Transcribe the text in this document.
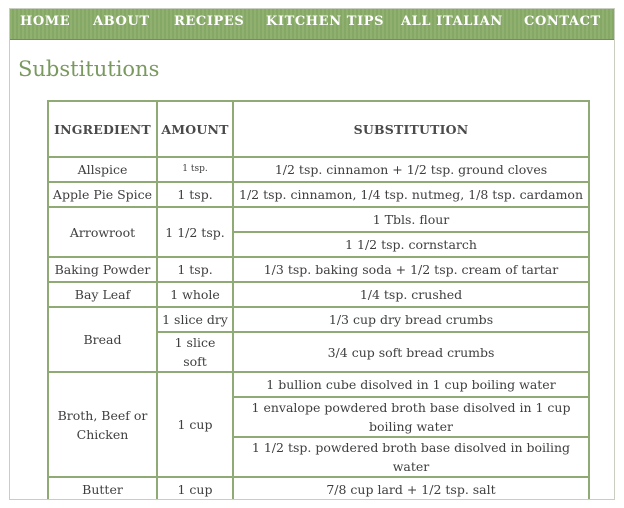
HOME ABOUT RECIPES KITCHEN TIPS ALL ITALIAN CONTACT
Substitutions
INGREDIENT	AMOUNT	SUBSTITUTION
Allspice	1 tsp.	1/2 tsp. cinnamon + 1/2 tsp. ground cloves
Apple Pie Spice	1 tsp.	1/2 tsp. cinnamon, 1/4 tsp. nutmeg, 1/8 tsp. cardamon
Arrowroot	1 1/2 tsp.	1 Tbls. flour
		1 1/2 tsp. cornstarch
Baking Powder	1 tsp.	1/3 tsp. baking soda + 1/2 tsp. cream of tartar
Bay Leaf	1 whole	1/4 tsp. crushed
Bread	1 slice dry	1/3 cup dry bread crumbs
	1 slice soft	3/4 cup soft bread crumbs
Broth, Beef or Chicken	1 cup	1 bullion cube disolved in 1 cup boiling water
		1 envalope powdered broth base disolved in 1 cup boiling water
		1 1/2 tsp. powdered broth base disolved in boiling water
Butter	1 cup	7/8 cup lard + 1/2 tsp. salt
